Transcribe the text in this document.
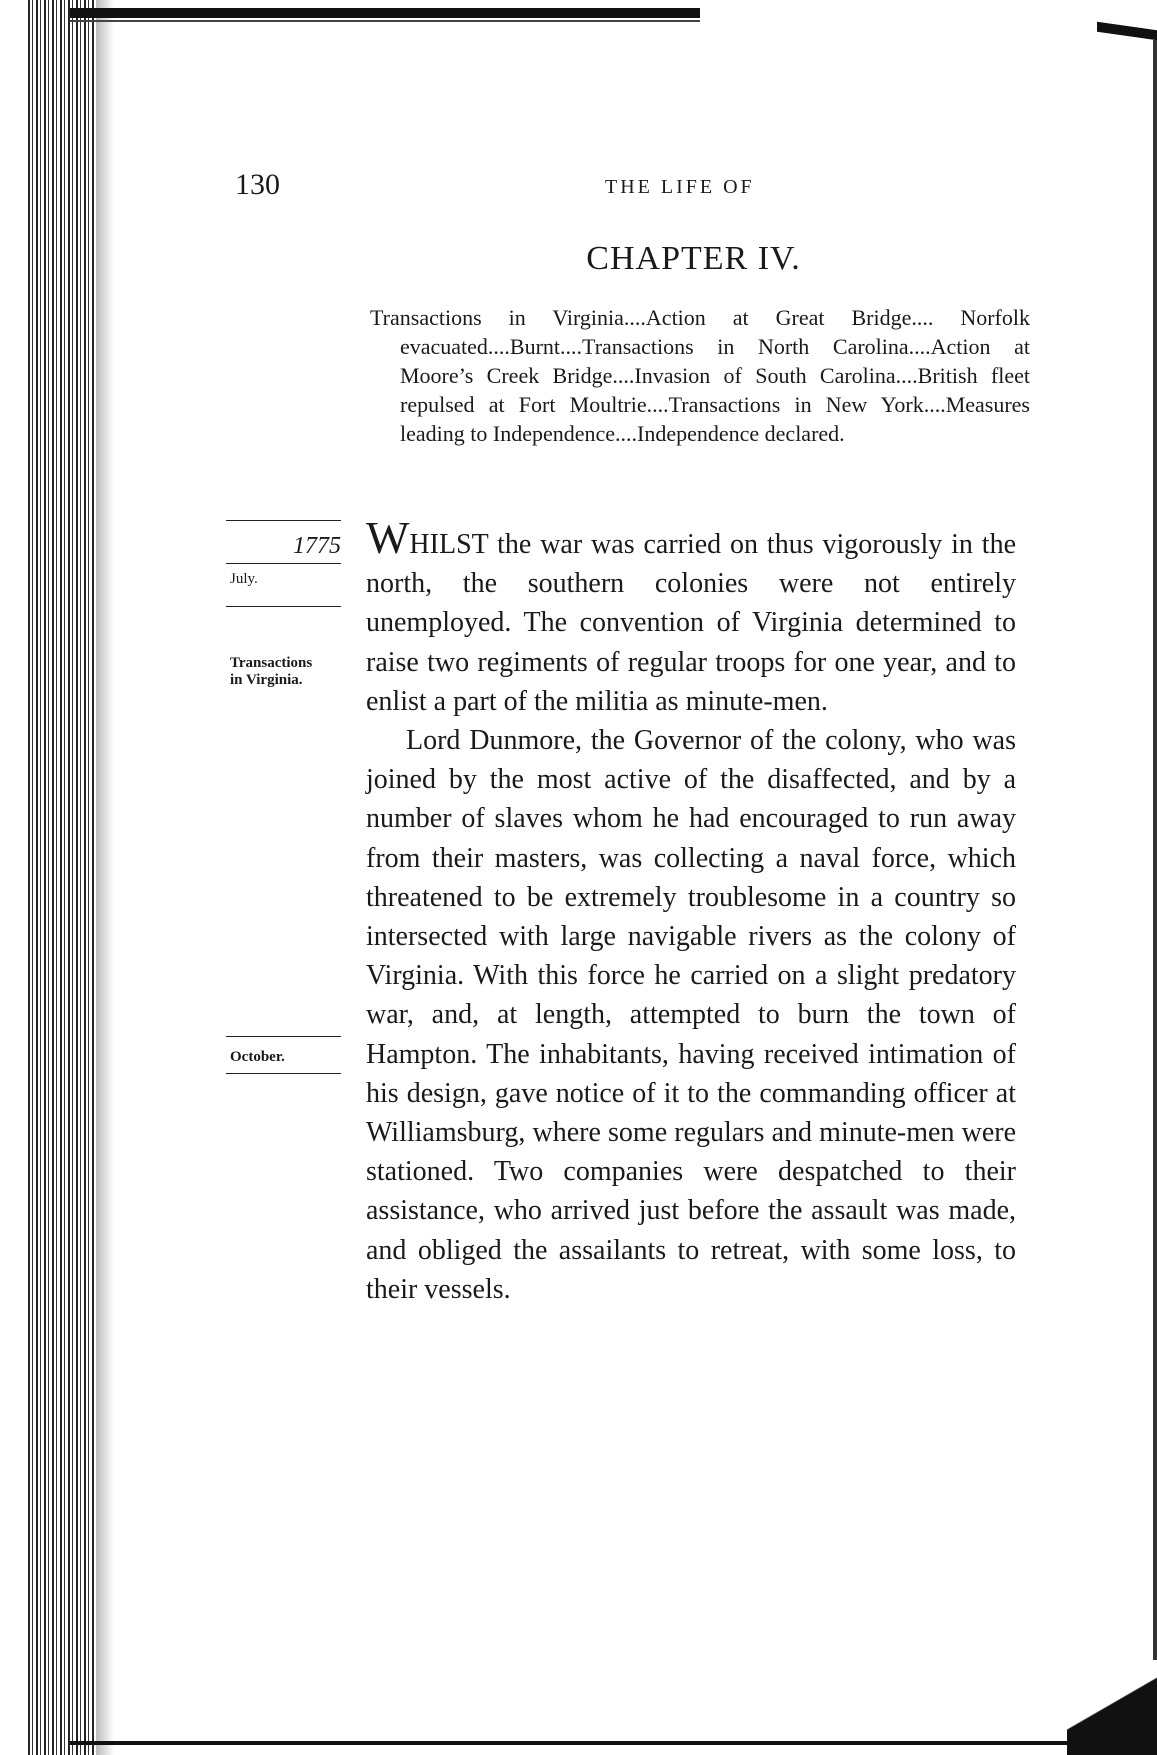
130	THE LIFE OF
CHAPTER IV.
Transactions in Virginia....Action at Great Bridge.... Norfolk evacuated....Burnt....Transactions in North Carolina....Action at Moore’s Creek Bridge....Invasion of South Carolina....British fleet repulsed at Fort Moultrie....Transactions in New York....Measures leading to Independence....Independence declared.
1775
July.
Transactions
in Virginia.
October.

WHILST the war was carried on thus vigorously in the north, the southern colonies were not entirely unemployed. The convention of Virginia determined to raise two regiments of regular troops for one year, and to enlist a part of the militia as minute-men.

Lord Dunmore, the Governor of the colony, who was joined by the most active of the disaffected, and by a number of slaves whom he had encouraged to run away from their masters, was collecting a naval force, which threatened to be extremely troublesome in a country so intersected with large navigable rivers as the colony of Virginia. With this force he carried on a slight predatory war, and, at length, attempted to burn the town of Hampton. The inhabitants, having received intimation of his design, gave notice of it to the commanding officer at Williamsburg, where some regulars and minute-men were stationed. Two companies were despatched to their assistance, who arrived just before the assault was made, and obliged the assailants to retreat, with some loss, to their vessels.
